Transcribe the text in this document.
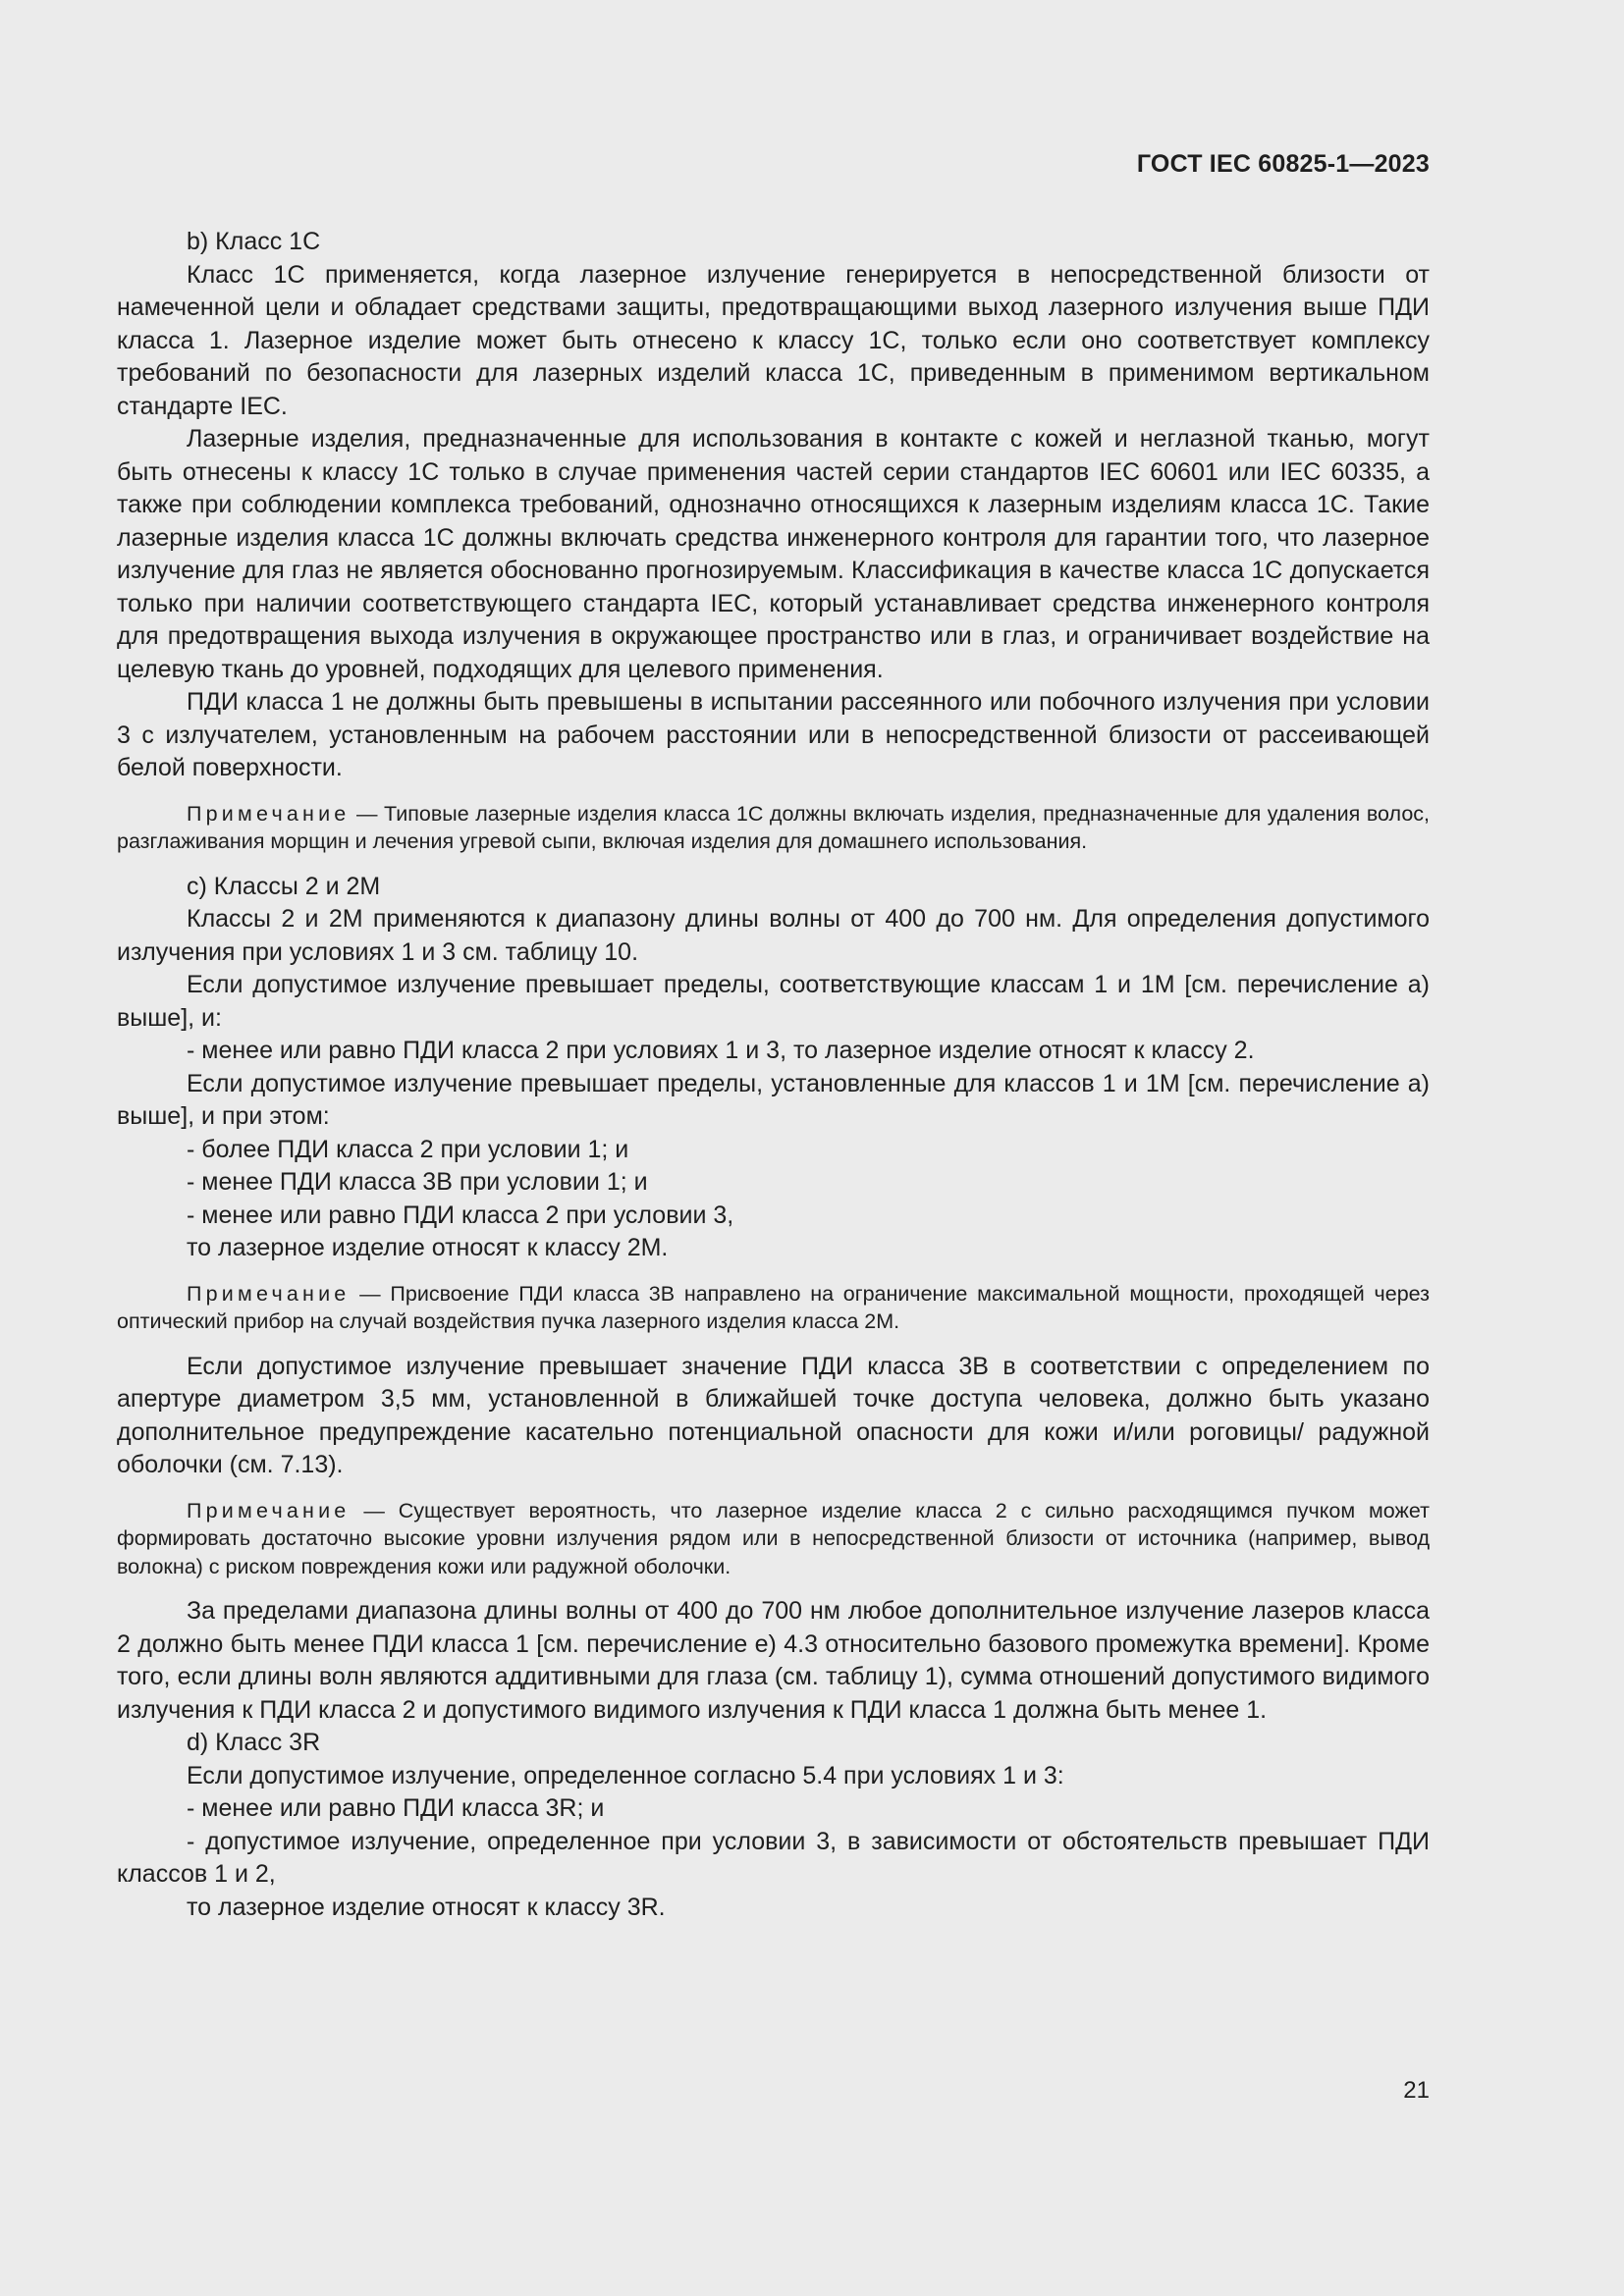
ГОСТ IEC 60825-1—2023

b) Класс 1С

Класс 1С применяется, когда лазерное излучение генерируется в непосредственной близости от намеченной цели и обладает средствами защиты, предотвращающими выход лазерного излучения выше ПДИ класса 1. Лазерное изделие может быть отнесено к классу 1С, только если оно соответствует комплексу требований по безопасности для лазерных изделий класса 1С, приведенным в применимом вертикальном стандарте IEC.

Лазерные изделия, предназначенные для использования в контакте с кожей и неглазной тканью, могут быть отнесены к классу 1С только в случае применения частей серии стандартов IEC 60601 или IEC 60335, а также при соблюдении комплекса требований, однозначно относящихся к лазерным изделиям класса 1С. Такие лазерные изделия класса 1С должны включать средства инженерного контроля для гарантии того, что лазерное излучение для глаз не является обоснованно прогнозируемым. Классификация в качестве класса 1С допускается только при наличии соответствующего стандарта IEC, который устанавливает средства инженерного контроля для предотвращения выхода излучения в окружающее пространство или в глаз, и ограничивает воздействие на целевую ткань до уровней, подходящих для целевого применения.

ПДИ класса 1 не должны быть превышены в испытании рассеянного или побочного излучения при условии 3 с излучателем, установленным на рабочем расстоянии или в непосредственной близости от рассеивающей белой поверхности.

Примечание — Типовые лазерные изделия класса 1С должны включать изделия, предназначенные для удаления волос, разглаживания морщин и лечения угревой сыпи, включая изделия для домашнего использования.

c) Классы 2 и 2М

Классы 2 и 2М применяются к диапазону длины волны от 400 до 700 нм. Для определения допустимого излучения при условиях 1 и 3 см. таблицу 10.

Если допустимое излучение превышает пределы, соответствующие классам 1 и 1М [см. перечисление а) выше], и:

- менее или равно ПДИ класса 2 при условиях 1 и 3, то лазерное изделие относят к классу 2.

Если допустимое излучение превышает пределы, установленные для классов 1 и 1М [см. перечисление а) выше], и при этом:

- более ПДИ класса 2 при условии 1; и

- менее ПДИ класса 3В при условии 1; и

- менее или равно ПДИ класса 2 при условии 3,

то лазерное изделие относят к классу 2М.

Примечание — Присвоение ПДИ класса 3В направлено на ограничение максимальной мощности, проходящей через оптический прибор на случай воздействия пучка лазерного изделия класса 2М.

Если допустимое излучение превышает значение ПДИ класса 3В в соответствии с определением по апертуре диаметром 3,5 мм, установленной в ближайшей точке доступа человека, должно быть указано дополнительное предупреждение касательно потенциальной опасности для кожи и/или роговицы/ радужной оболочки (см. 7.13).

Примечание — Существует вероятность, что лазерное изделие класса 2 с сильно расходящимся пучком может формировать достаточно высокие уровни излучения рядом или в непосредственной близости от источника (например, вывод волокна) с риском повреждения кожи или радужной оболочки.

За пределами диапазона длины волны от 400 до 700 нм любое дополнительное излучение лазеров класса 2 должно быть менее ПДИ класса 1 [см. перечисление е) 4.3 относительно базового промежутка времени]. Кроме того, если длины волн являются аддитивными для глаза (см. таблицу 1), сумма отношений допустимого видимого излучения к ПДИ класса 2 и допустимого видимого излучения к ПДИ класса 1 должна быть менее 1.

d) Класс 3R

Если допустимое излучение, определенное согласно 5.4 при условиях 1 и 3:

- менее или равно ПДИ класса 3R; и

- допустимое излучение, определенное при условии 3, в зависимости от обстоятельств превышает ПДИ классов 1 и 2,

то лазерное изделие относят к классу 3R.

21
